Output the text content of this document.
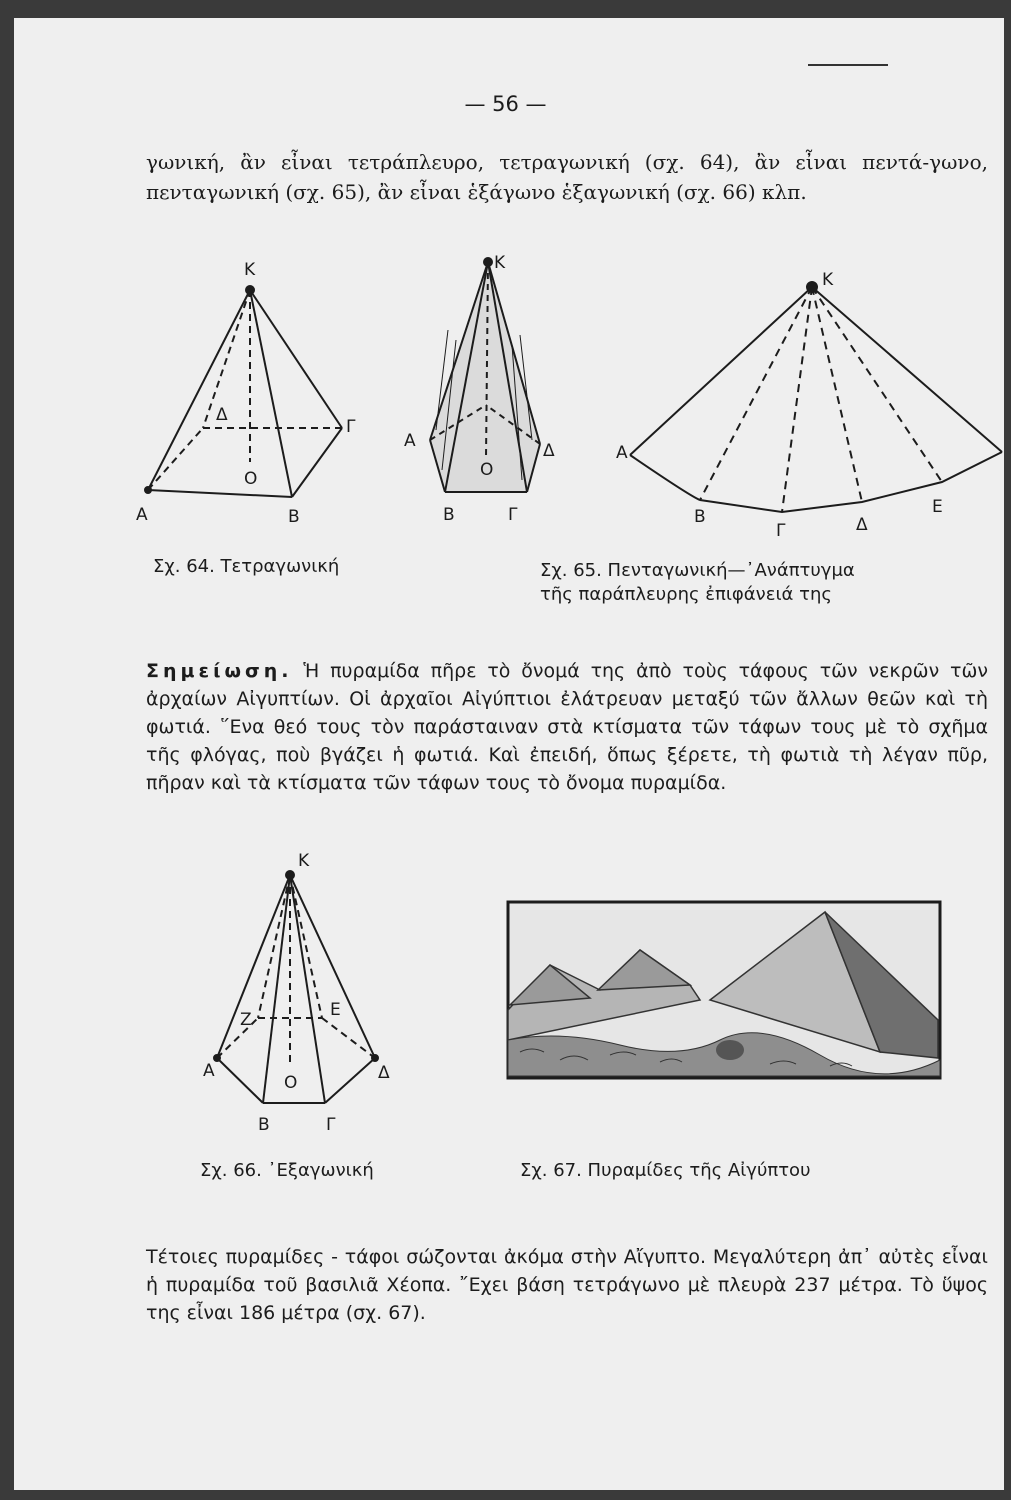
— 56 —
γωνική, ἂν εἶναι τετράπλευρο, τετραγωνική (σχ. 64), ἂν εἶναι πεντά-γωνο, πενταγωνική (σχ. 65), ἂν εἶναι ἑξάγωνο ἑξαγωνική (σχ. 66) κλπ.
Κ
Α	Β
Γ
Δ
Ο
Κ
Α
Β	Γ
Δ
Ο
Κ
Α
Β
Γ	Δ
Ε
Κ
Α
Β	Γ
Δ
Ε
Ζ
Ο
Σχ. 64. Τετραγωνική	Σχ. 65. Πενταγωνική—᾽Ανάπτυγμα
τῆς παράπλευρης ἐπιφάνειά της
Σημείωση. Ἡ πυραμίδα πῆρε τὸ ὄνομά της ἀπὸ τοὺς τάφους τῶν νεκρῶν τῶν ἀρχαίων Αἰγυπτίων. Οἱ ἀρχαῖοι Αἰγύπτιοι ἐλάτρευαν μεταξύ τῶν ἄλλων θεῶν καὶ τὴ φωτιά. ῞Ενα θεό τους τὸν παράσταιναν στὰ κτίσματα τῶν τάφων τους μὲ τὸ σχῆμα τῆς φλόγας, ποὺ βγάζει ἡ φωτιά. Καὶ ἐπειδή, ὅπως ξέρετε, τὴ φωτιὰ τὴ λέγαν πῦρ, πῆραν καὶ τὰ κτίσματα τῶν τάφων τους τὸ ὄνομα πυραμίδα.
Σχ. 66. ᾽Εξαγωνική	Σχ. 67. Πυραμίδες τῆς Αἰγύπτου
Τέτοιες πυραμίδες - τάφοι σώζονται ἀκόμα στὴν Αἴγυπτο. Μεγαλύτερη ἀπ᾽ αὐτὲς εἶναι ἡ πυραμίδα τοῦ βασιλιᾶ Χέοπα. ῎Εχει βάση τετράγωνο μὲ πλευρὰ 237 μέτρα. Τὸ ὕψος της εἶναι 186 μέτρα (σχ. 67).
